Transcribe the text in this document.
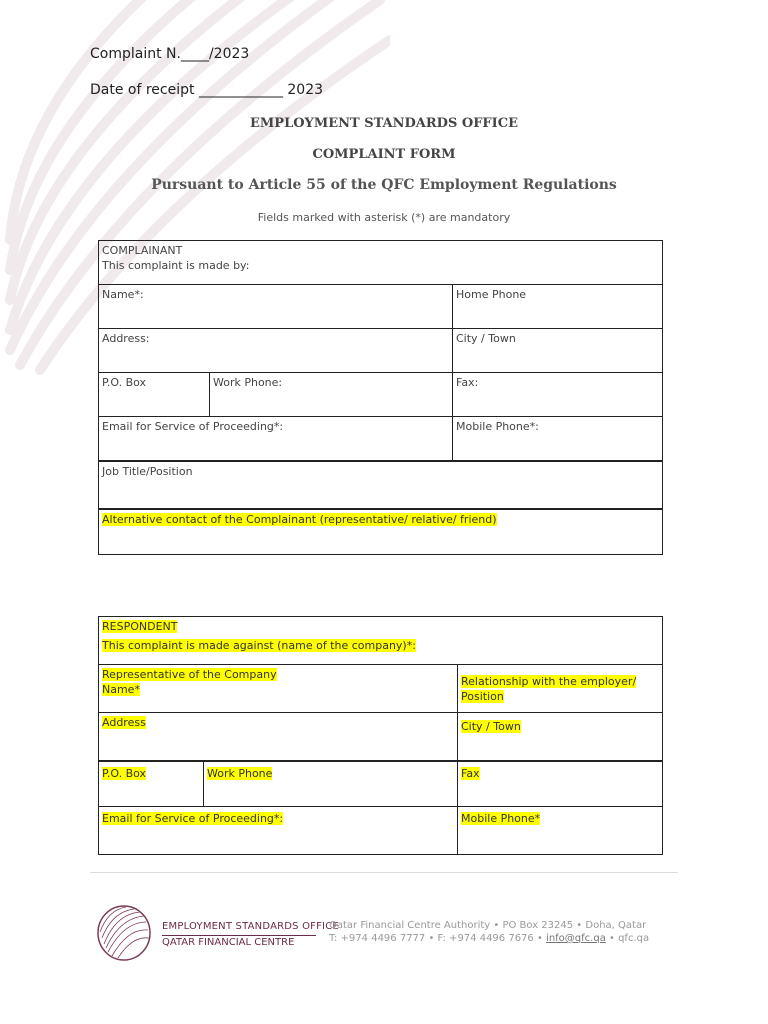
Complaint N.____/2023
Date of receipt ____________ 2023
EMPLOYMENT STANDARDS OFFICE
COMPLAINT FORM
Pursuant to Article 55 of the QFC Employment Regulations
Fields marked with asterisk (*) are mandatory
COMPLAINANT
This complaint is made by:		

Name*:		Home Phone
Address:		City / Town
P.O. Box	Work Phone:	Fax:
Email for Service of Proceeding*:		Mobile Phone*:
Job Title/Position		
Alternative contact of the Complainant (representative/ relative/ friend)		
RESPONDENT
This complaint is made against (name of the company)*:		

Representative of the Company
Name*		Relationship with the employer/ Position
Address		City / Town
P.O. Box	Work Phone	Fax
Email for Service of Proceeding*:		Mobile Phone*
EMPLOYMENT STANDARDS OFFICE
QATAR FINANCIAL CENTRE
Qatar Financial Centre Authority • PO Box 23245 • Doha, Qatar
T: +974 4496 7777 • F: +974 4496 7676 • info@qfc.qa • qfc.qa
